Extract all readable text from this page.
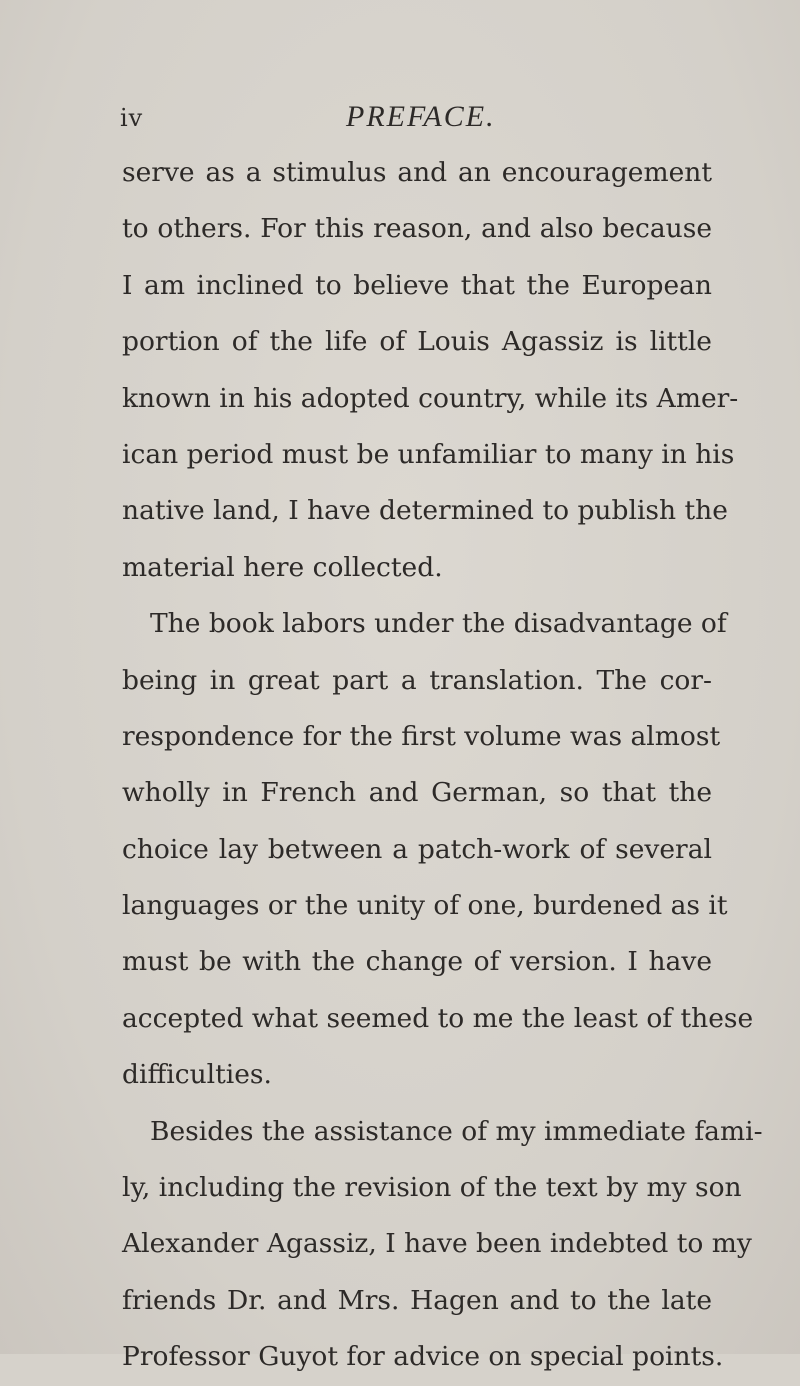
iv	PREFACE.
serve as a stimulus and an encouragement
to others. For this reason, and also because
I am inclined to believe that the European
portion of the life of Louis Agassiz is little
known in his adopted country, while its Amer-
ican period must be unfamiliar to many in his
native land, I have determined to publish the
material here collected.
The book labors under the disadvantage of
being in great part a translation. The cor-
respondence for the first volume was almost
wholly in French and German, so that the
choice lay between a patch-work of several
languages or the unity of one, burdened as it
must be with the change of version. I have
accepted what seemed to me the least of these
difficulties.
Besides the assistance of my immediate fami-
ly, including the revision of the text by my son
Alexander Agassiz, I have been indebted to my
friends Dr. and Mrs. Hagen and to the late
Professor Guyot for advice on special points.
